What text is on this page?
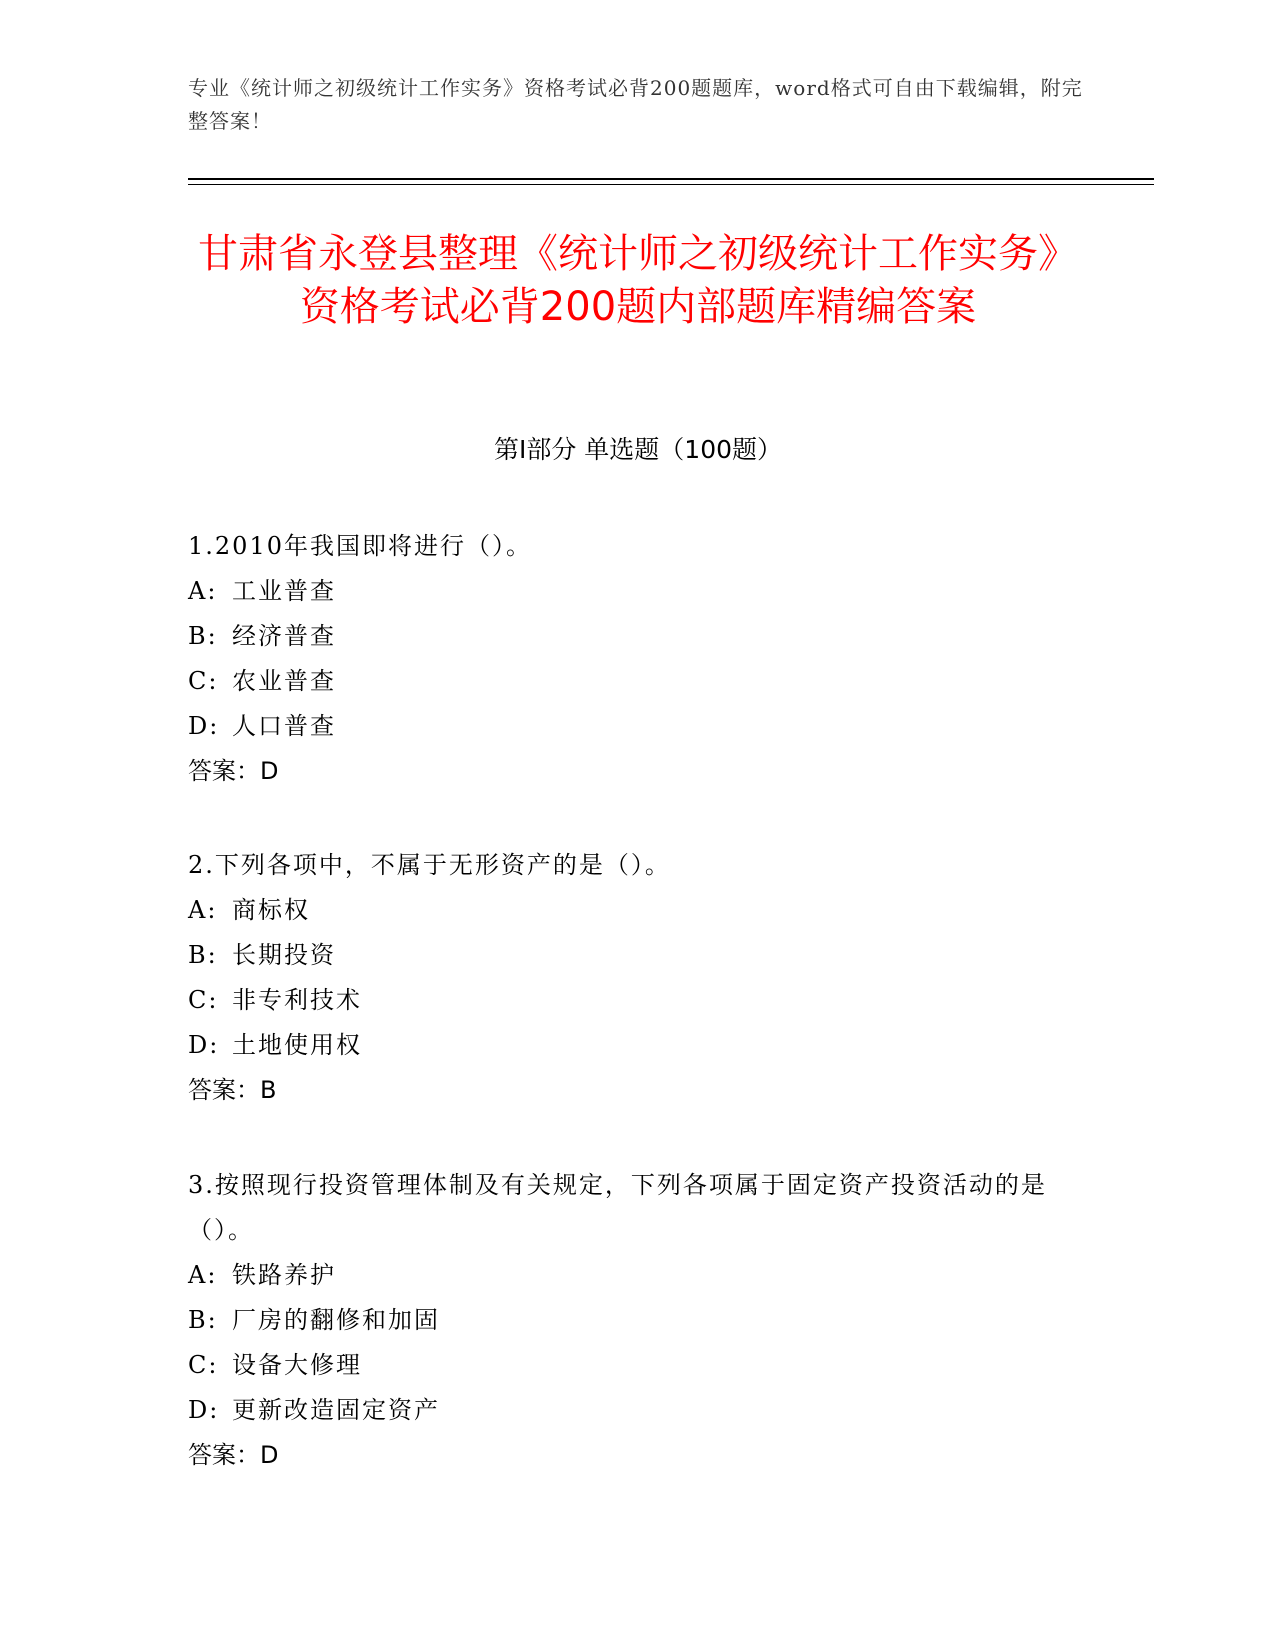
专业《统计师之初级统计工作实务》资格考试必背200题题库，word格式可自由下载编辑，附完整答案！
甘肃省永登县整理《统计师之初级统计工作实务》资格考试必背200题内部题库精编答案
第I部分 单选题（100题）

1.2010年我国即将进行（）。

A: 工业普查

B: 经济普查

C: 农业普查

D: 人口普查

答案：D

2.下列各项中，不属于无形资产的是（）。

A: 商标权

B: 长期投资

C: 非专利技术

D: 土地使用权

答案：B

3.按照现行投资管理体制及有关规定，下列各项属于固定资产投资活动的是（）。

A: 铁路养护

B: 厂房的翻修和加固

C: 设备大修理

D: 更新改造固定资产

答案：D
